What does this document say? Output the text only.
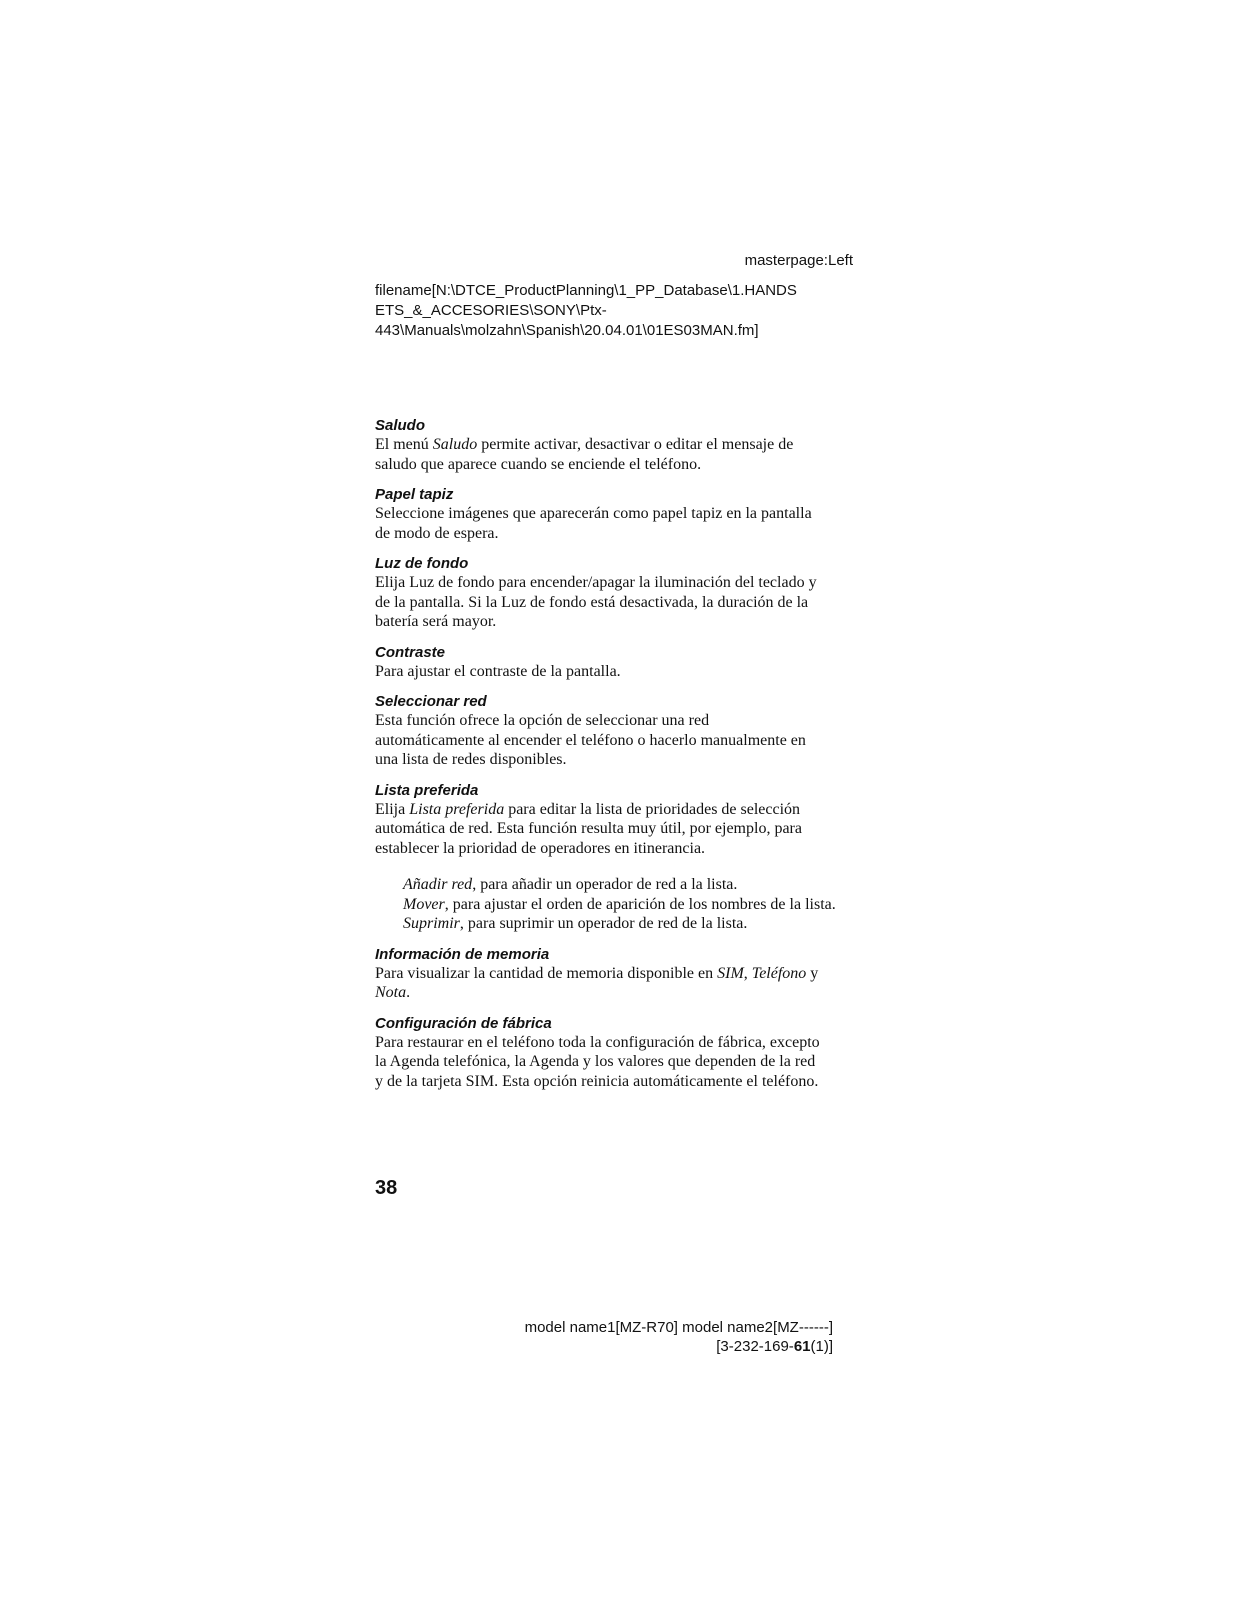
masterpage:Left
filename[N:\DTCE_ProductPlanning\1_PP_Database\1.HANDS
ETS_&_ACCESORIES\SONY\Ptx-
443\Manuals\molzahn\Spanish\20.04.01\01ES03MAN.fm]

Saludo

El menú Saludo permite activar, desactivar o editar el mensaje de
saludo que aparece cuando se enciende el teléfono.

Papel tapiz

Seleccione imágenes que aparecerán como papel tapiz en la pantalla
de modo de espera.

Luz de fondo

Elija Luz de fondo para encender/apagar la iluminación del teclado y
de la pantalla. Si la Luz de fondo está desactivada, la duración de la
batería será mayor.

Contraste

Para ajustar el contraste de la pantalla.

Seleccionar red

Esta función ofrece la opción de seleccionar una red
automáticamente al encender el teléfono o hacerlo manualmente en
una lista de redes disponibles.

Lista preferida

Elija Lista preferida para editar la lista de prioridades de selección
automática de red. Esta función resulta muy útil, por ejemplo, para
establecer la prioridad de operadores en itinerancia.
Añadir red, para añadir un operador de red a la lista.
Mover, para ajustar el orden de aparición de los nombres de la lista.
Suprimir, para suprimir un operador de red de la lista.

Información de memoria

Para visualizar la cantidad de memoria disponible en SIM, Teléfono y
Nota.

Configuración de fábrica

Para restaurar en el teléfono toda la configuración de fábrica, excepto
la Agenda telefónica, la Agenda y los valores que dependen de la red
y de la tarjeta SIM. Esta opción reinicia automáticamente el teléfono.
38
model name1[MZ-R70] model name2[MZ------]
[3-232-169-61(1)]
